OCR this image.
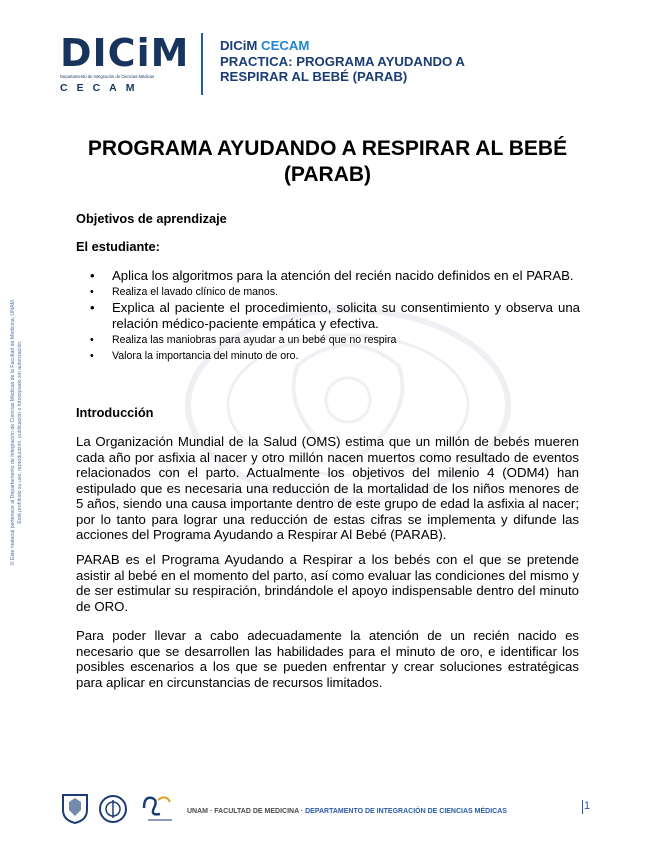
© Este material pertenece al Departamento de Integración de Ciencias Médicas de la Facultad de Medicina, UNAM. Está prohibido su uso, reproducción, publicación o fotocopiado sin autorización.
DICiM
Departamento de Integración de Ciencias Médicas
CECAM
DICiM CECAM
PRACTICA: PROGRAMA AYUDANDO A
RESPIRAR AL BEBÉ (PARAB)
PROGRAMA AYUDANDO A RESPIRAR AL BEBÉ (PARAB)
Objetivos de aprendizaje
El estudiante:
• Aplica los algoritmos para la atención del recién nacido definidos en el PARAB.
• Realiza el lavado clínico de manos.
• Explica al paciente el procedimiento, solicita su consentimiento y observa una relación médico-paciente empática y efectiva.
• Realiza las maniobras para ayudar a un bebé que no respira
• Valora la importancia del minuto de oro.
Introducción

La Organización Mundial de la Salud (OMS) estima que un millón de bebés mueren cada año por asfixia al nacer y otro millón nacen muertos como resultado de eventos relacionados con el parto. Actualmente los objetivos del milenio 4 (ODM4) han estipulado que es necesaria una reducción de la mortalidad de los niños menores de 5 años, siendo una causa importante dentro de este grupo de edad la asfixia al nacer; por lo tanto para lograr una reducción de estas cifras se implementa y difunde las acciones del Programa Ayudando a Respirar Al Bebé (PARAB).

PARAB es el Programa Ayudando a Respirar a los bebés con el que se pretende asistir al bebé en el momento del parto, así como evaluar las condiciones del mismo y de ser estimular su respiración, brindándole el apoyo indispensable dentro del minuto de ORO.

Para poder llevar a cabo adecuadamente la atención de un recién nacido es necesario que se desarrollen las habilidades para el minuto de oro, e identificar los posibles escenarios a los que se pueden enfrentar y crear soluciones estratégicas para aplicar en circunstancias de recursos limitados.

UNAM · FACULTAD DE MEDICINA · DEPARTAMENTO DE INTEGRACIÓN DE CIENCIAS MÉDICAS	1
